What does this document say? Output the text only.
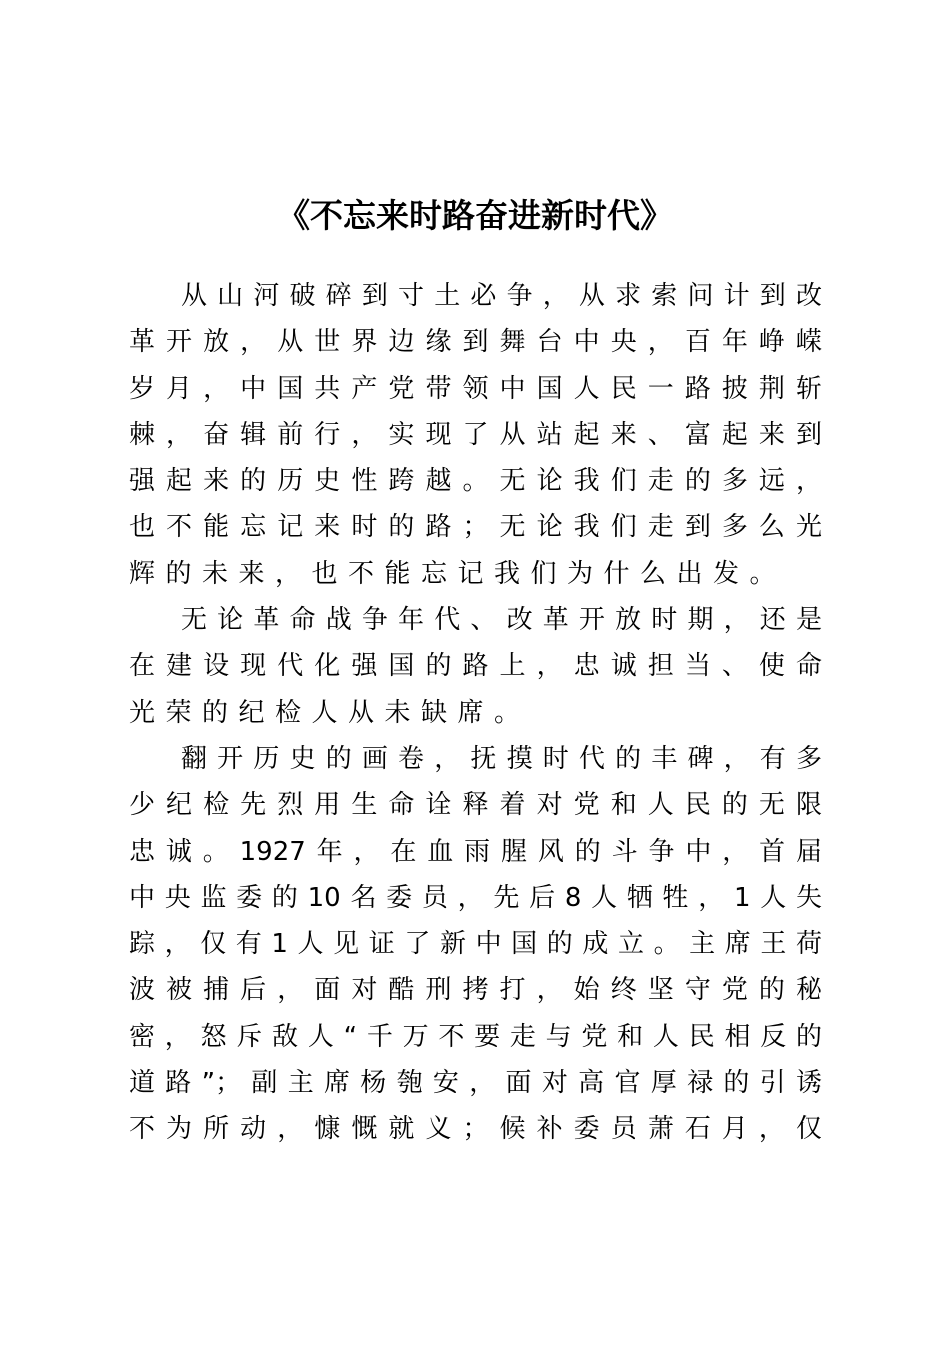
《不忘来时路奋进新时代》
从山河破碎到寸土必争，从求索问计到改
革开放，从世界边缘到舞台中央，百年峥嵘
岁月，中国共产党带领中国人民一路披荆斩
棘，奋辑前行，实现了从站起来、富起来到
强起来的历史性跨越。无论我们走的多远，
也不能忘记来时的路；无论我们走到多么光
辉的未来，也不能忘记我们为什么出发。
无论革命战争年代、改革开放时期，还是
在建设现代化强国的路上，忠诚担当、使命
光荣的纪检人从未缺席。
翻开历史的画卷，抚摸时代的丰碑，有多
少纪检先烈用生命诠释着对党和人民的无限
忠诚。1927年，在血雨腥风的斗争中，首届
中央监委的10名委员，先后8人牺牲，1人失
踪，仅有1人见证了新中国的成立。主席王荷
波被捕后，面对酷刑拷打，始终坚守党的秘
密，怒斥敌人“千万不要走与党和人民相反的
道路”；副主席杨匏安，面对高官厚禄的引诱
不为所动，慷慨就义；候补委员萧石月，仅
